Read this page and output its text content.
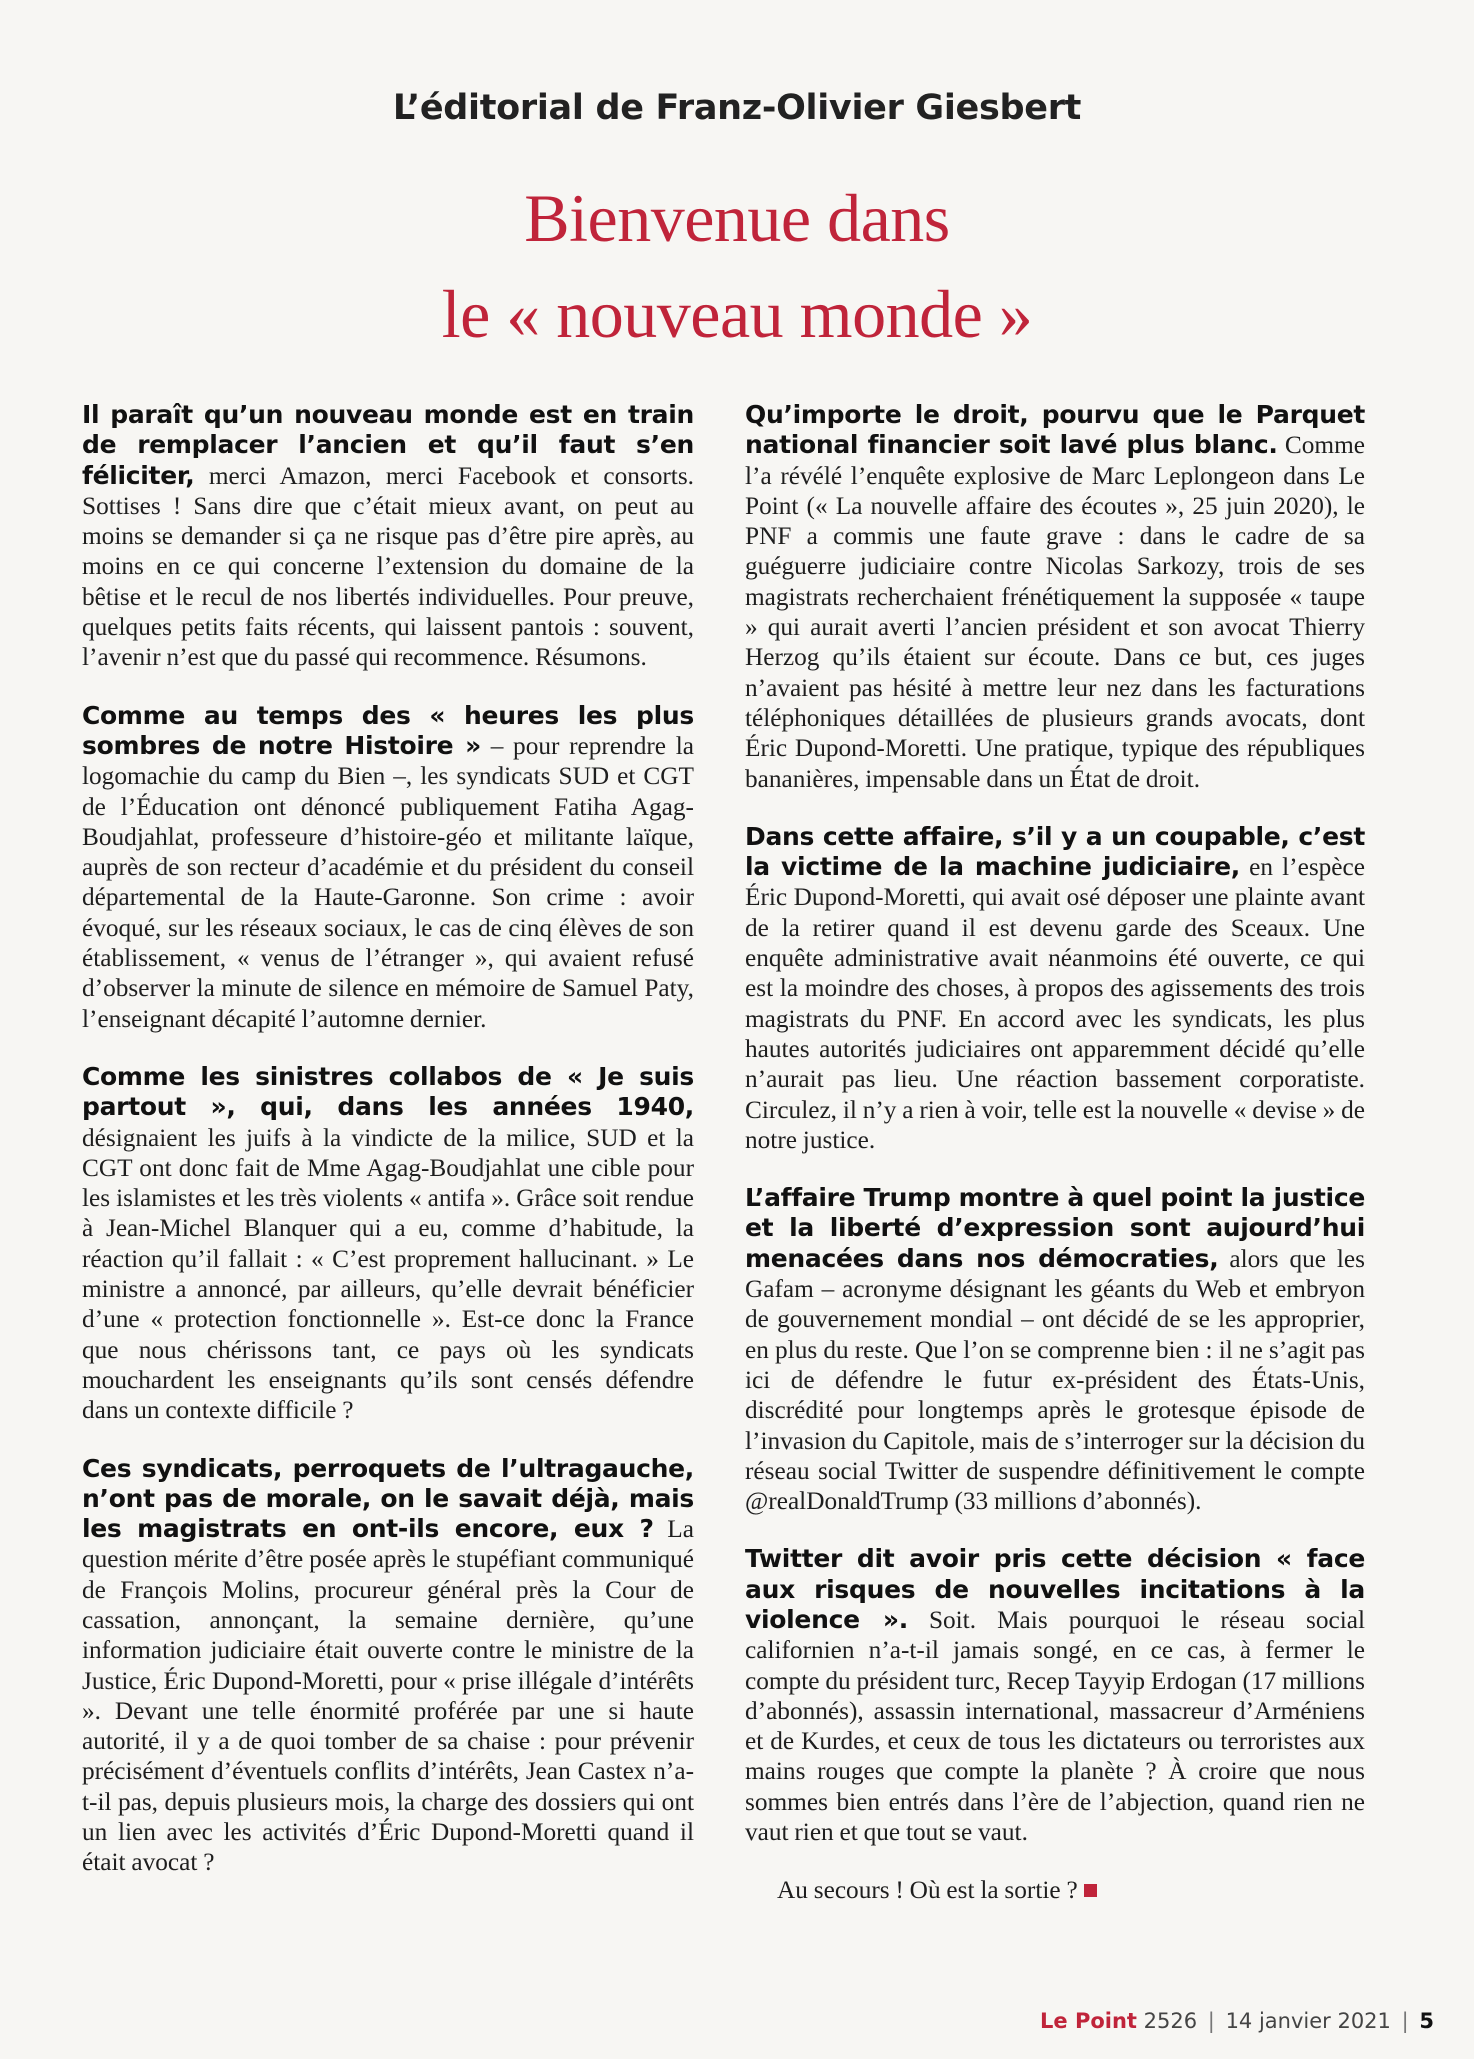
L’éditorial de Franz-Olivier Giesbert
Bienvenue dans
le « nouveau monde »

Il paraît qu’un nouveau monde est en train de remplacer l’ancien et qu’il faut s’en féliciter, merci Amazon, merci Facebook et consorts. Sottises ! Sans dire que c’était mieux avant, on peut au moins se demander si ça ne risque pas d’être pire après, au moins en ce qui concerne l’extension du domaine de la bêtise et le recul de nos libertés individuelles. Pour preuve, quelques petits faits récents, qui laissent pantois : souvent, l’avenir n’est que du passé qui recommence. Résumons.

Comme au temps des « heures les plus sombres de notre Histoire » – pour reprendre la logomachie du camp du Bien –, les syndicats SUD et CGT de l’Éducation ont dénoncé publiquement Fatiha Agag-Boudjahlat, professeure d’histoire-géo et militante laïque, auprès de son recteur d’académie et du président du conseil départemental de la Haute-Garonne. Son crime : avoir évoqué, sur les réseaux sociaux, le cas de cinq élèves de son établissement, « venus de l’étranger », qui avaient refusé d’observer la minute de silence en mémoire de Samuel Paty, l’enseignant décapité l’automne dernier.

Comme les sinistres collabos de « Je suis partout », qui, dans les années 1940, désignaient les juifs à la vindicte de la milice, SUD et la CGT ont donc fait de Mme Agag-Boudjahlat une cible pour les islamistes et les très violents « antifa ». Grâce soit rendue à Jean-Michel Blanquer qui a eu, comme d’habitude, la réaction qu’il fallait : « C’est proprement hallucinant. » Le ministre a annoncé, par ailleurs, qu’elle devrait bénéficier d’une « protection fonctionnelle ». Est-ce donc la France que nous chérissons tant, ce pays où les syndicats mouchardent les enseignants qu’ils sont censés défendre dans un contexte difficile ?

Ces syndicats, perroquets de l’ultragauche, n’ont pas de morale, on le savait déjà, mais les magistrats en ont-ils encore, eux ? La question mérite d’être posée après le stupéfiant communiqué de François Molins, procureur général près la Cour de cassation, annonçant, la semaine dernière, qu’une information judiciaire était ouverte contre le ministre de la Justice, Éric Dupond-Moretti, pour « prise illégale d’intérêts ». Devant une telle énormité proférée par une si haute autorité, il y a de quoi tomber de sa chaise : pour prévenir précisément d’éventuels conflits d’intérêts, Jean Castex n’a-t-il pas, depuis plusieurs mois, la charge des dossiers qui ont un lien avec les activités d’Éric Dupond-Moretti quand il était avocat ?

Qu’importe le droit, pourvu que le Parquet national financier soit lavé plus blanc. Comme l’a révélé l’enquête explosive de Marc Leplongeon dans Le Point (« La nouvelle affaire des écoutes », 25 juin 2020), le PNF a commis une faute grave : dans le cadre de sa guéguerre judiciaire contre Nicolas Sarkozy, trois de ses magistrats recherchaient frénétiquement la supposée « taupe » qui aurait averti l’ancien président et son avocat Thierry Herzog qu’ils étaient sur écoute. Dans ce but, ces juges n’avaient pas hésité à mettre leur nez dans les facturations téléphoniques détaillées de plusieurs grands avocats, dont Éric Dupond-Moretti. Une pratique, typique des républiques bananières, impensable dans un État de droit.

Dans cette affaire, s’il y a un coupable, c’est la victime de la machine judiciaire, en l’espèce Éric Dupond-Moretti, qui avait osé déposer une plainte avant de la retirer quand il est devenu garde des Sceaux. Une enquête administrative avait néanmoins été ouverte, ce qui est la moindre des choses, à propos des agissements des trois magistrats du PNF. En accord avec les syndicats, les plus hautes autorités judiciaires ont apparemment décidé qu’elle n’aurait pas lieu. Une réaction bassement corporatiste. Circulez, il n’y a rien à voir, telle est la nouvelle « devise » de notre justice.

L’affaire Trump montre à quel point la justice et la liberté d’expression sont aujourd’hui menacées dans nos démocraties, alors que les Gafam – acronyme désignant les géants du Web et embryon de gouvernement mondial – ont décidé de se les approprier, en plus du reste. Que l’on se comprenne bien : il ne s’agit pas ici de défendre le futur ex-président des États-Unis, discrédité pour longtemps après le grotesque épisode de l’invasion du Capitole, mais de s’interroger sur la décision du réseau social Twitter de suspendre définitivement le compte @realDonaldTrump (33 millions d’abonnés).

Twitter dit avoir pris cette décision « face aux risques de nouvelles incitations à la violence ». Soit. Mais pourquoi le réseau social californien n’a-t-il jamais songé, en ce cas, à fermer le compte du président turc, Recep Tayyip Erdogan (17 millions d’abonnés), assassin international, massacreur d’Arméniens et de Kurdes, et ceux de tous les dictateurs ou terroristes aux mains rouges que compte la planète ? À croire que nous sommes bien entrés dans l’ère de l’abjection, quand rien ne vaut rien et que tout se vaut.

Au secours ! Où est la sortie ?

Le Point 2526 | 14 janvier 2021 | 5
